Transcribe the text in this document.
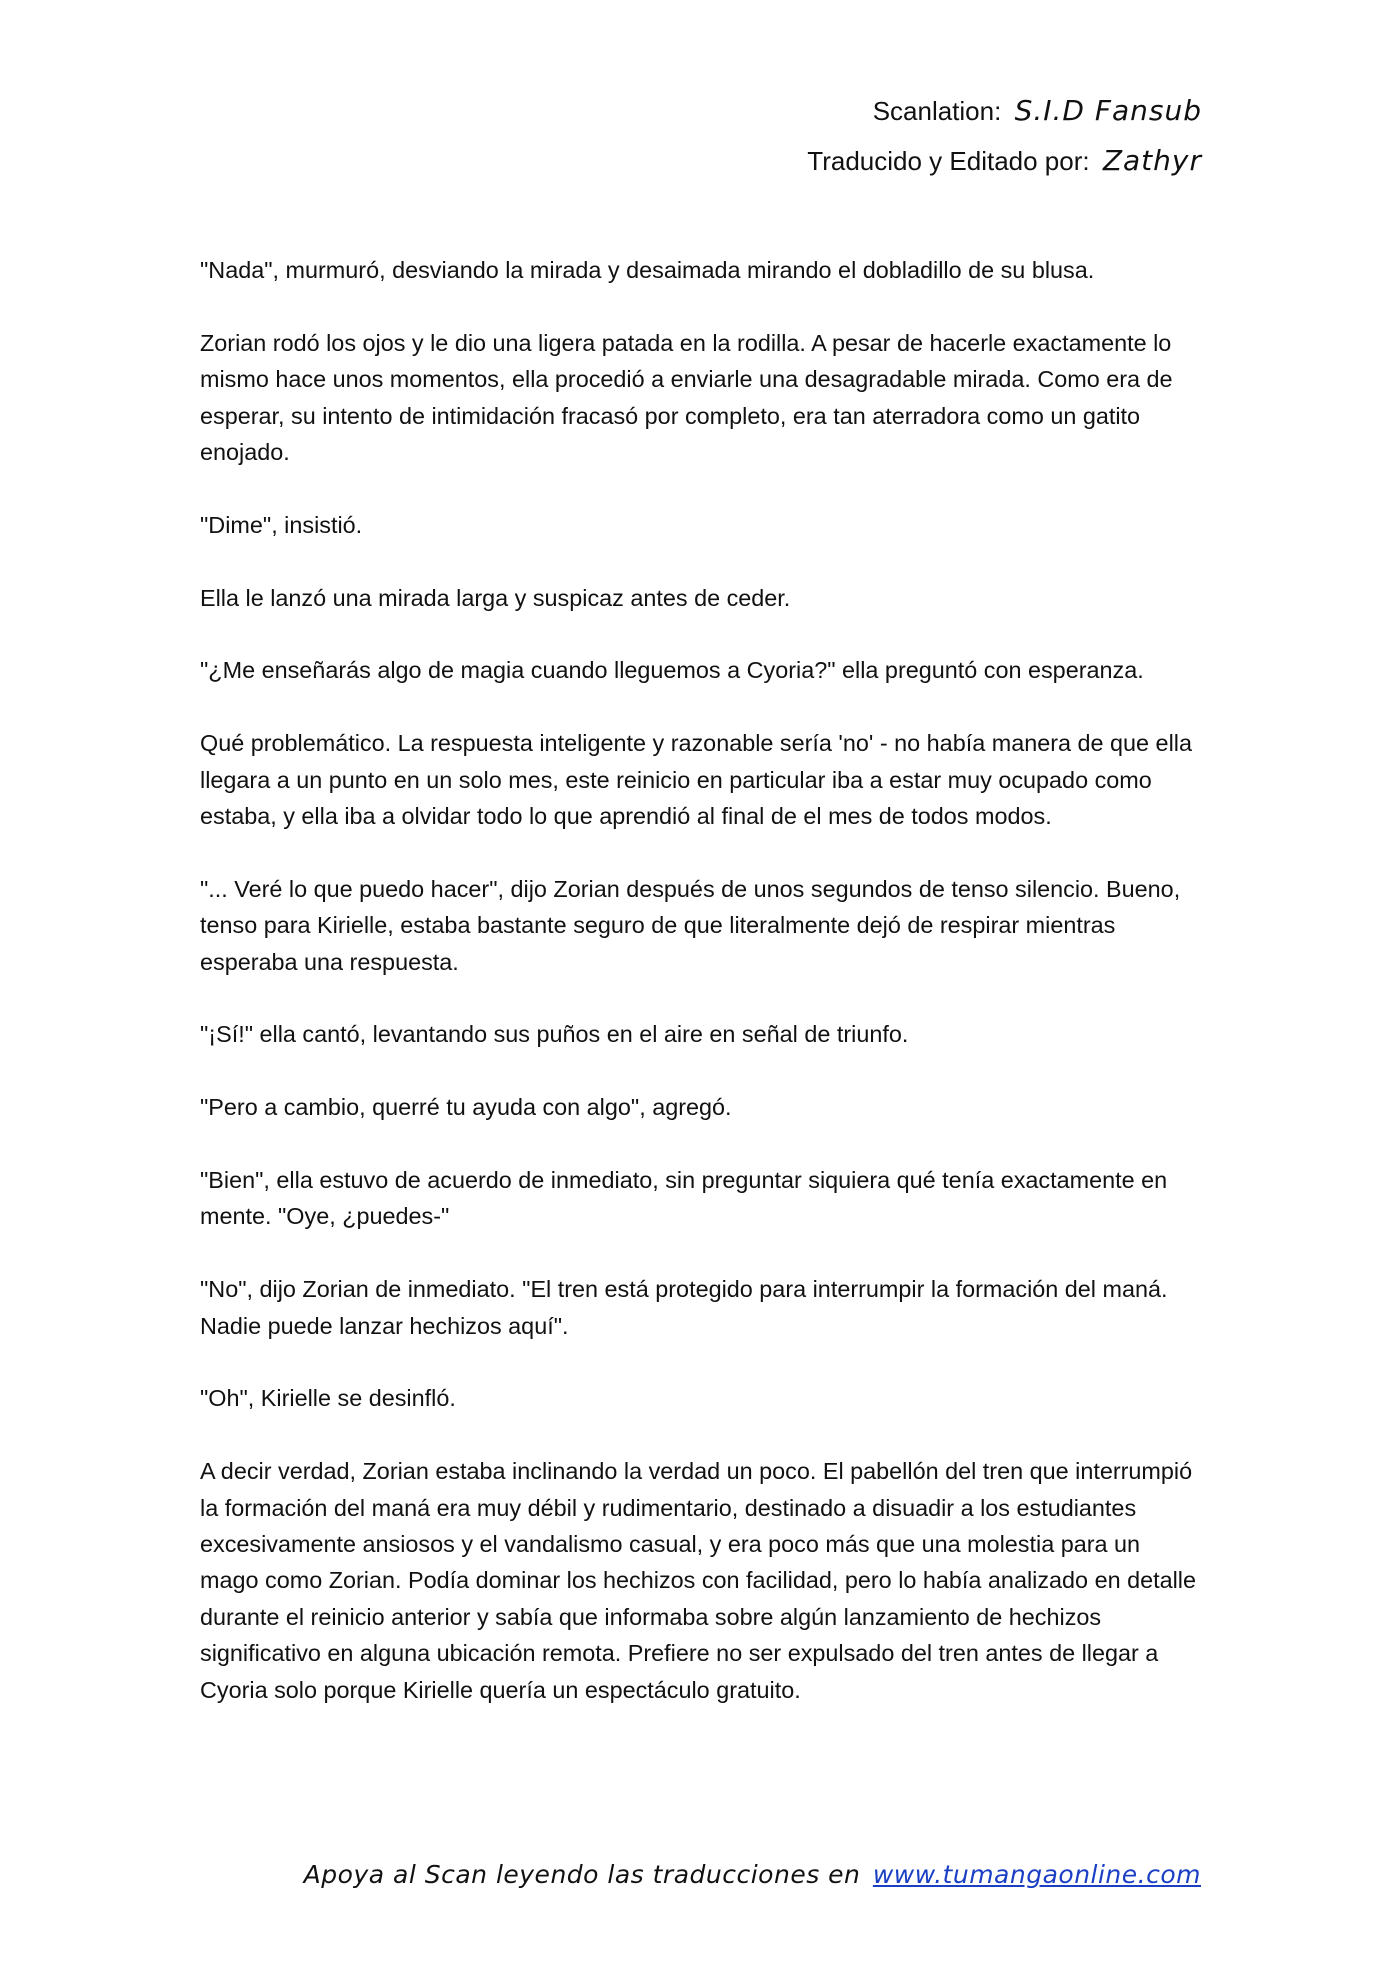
Scanlation: S.I.D Fansub
Traducido y Editado por: Zathyr

"Nada", murmuró, desviando la mirada y desaimada mirando el dobladillo de su blusa.

Zorian rodó los ojos y le dio una ligera patada en la rodilla. A pesar de hacerle exactamente lo mismo hace unos momentos, ella procedió a enviarle una desagradable mirada. Como era de esperar, su intento de intimidación fracasó por completo, era tan aterradora como un gatito enojado.

"Dime", insistió.

Ella le lanzó una mirada larga y suspicaz antes de ceder.

"¿Me enseñarás algo de magia cuando lleguemos a Cyoria?" ella preguntó con esperanza.

Qué problemático. La respuesta inteligente y razonable sería 'no' - no había manera de que ella llegara a un punto en un solo mes, este reinicio en particular iba a estar muy ocupado como estaba, y ella iba a olvidar todo lo que aprendió al final de el mes de todos modos.

"... Veré lo que puedo hacer", dijo Zorian después de unos segundos de tenso silencio. Bueno, tenso para Kirielle, estaba bastante seguro de que literalmente dejó de respirar mientras esperaba una respuesta.

"¡Sí!" ella cantó, levantando sus puños en el aire en señal de triunfo.

"Pero a cambio, querré tu ayuda con algo", agregó.

"Bien", ella estuvo de acuerdo de inmediato, sin preguntar siquiera qué tenía exactamente en mente. "Oye, ¿puedes-"

"No", dijo Zorian de inmediato. "El tren está protegido para interrumpir la formación del maná. Nadie puede lanzar hechizos aquí".

"Oh", Kirielle se desinfló.

A decir verdad, Zorian estaba inclinando la verdad un poco. El pabellón del tren que interrumpió la formación del maná era muy débil y rudimentario, destinado a disuadir a los estudiantes excesivamente ansiosos y el vandalismo casual, y era poco más que una molestia para un mago como Zorian. Podía dominar los hechizos con facilidad, pero lo había analizado en detalle durante el reinicio anterior y sabía que informaba sobre algún lanzamiento de hechizos significativo en alguna ubicación remota. Prefiere no ser expulsado del tren antes de llegar a Cyoria solo porque Kirielle quería un espectáculo gratuito.

Apoya al Scan leyendo las traducciones en www.tumangaonline.com
